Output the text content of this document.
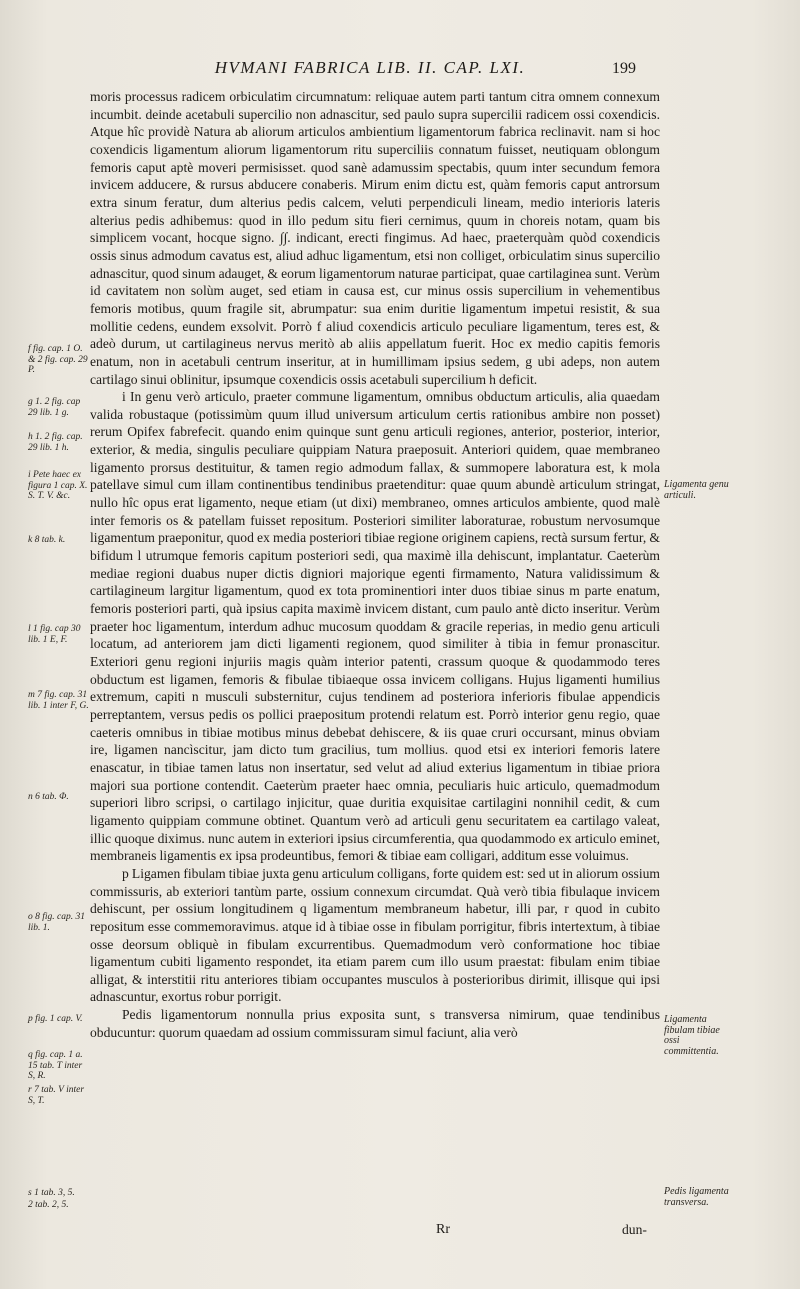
HVMANI FABRICA LIB. II. CAP. LXI.	199

moris processus radicem orbiculatim circumnatum: reliquae autem parti tantum citra omnem connexum incumbit. deinde acetabuli supercilio non adnascitur, sed paulo supra supercilii radicem ossi coxendicis. Atque hîc providè Natura ab aliorum articulos ambientium ligamentorum fabrica reclinavit. nam si hoc coxendicis ligamentum aliorum ligamentorum ritu superciliis connatum fuisset, neutiquam oblongum femoris caput aptè moveri permisisset. quod sanè adamussim spectabis, quum inter secundum femora invicem adducere, & rursus abducere conaberis. Mirum enim dictu est, quàm femoris caput antrorsum extra sinum feratur, dum alterius pedis calcem, veluti perpendiculi lineam, medio interioris lateris alterius pedis adhibemus: quod in illo pedum situ fieri cernimus, quum in choreis notam, quam bis simplicem vocant, hocque signo. ∫∫. indicant, erecti fingimus. Ad haec, praeterquàm quòd coxendicis ossis sinus admodum cavatus est, aliud adhuc ligamentum, etsi non colliget, orbiculatim sinus supercilio adnascitur, quod sinum adauget, & eorum ligamentorum naturae participat, quae cartilaginea sunt. Verùm id cavitatem non solùm auget, sed etiam in causa est, cur minus ossis supercilium in vehementibus femoris motibus, quum fragile sit, abrumpatur: sua enim duritie ligamentum impetui resistit, & sua mollitie cedens, eundem exsolvit. Porrò f aliud coxendicis articulo peculiare ligamentum, teres est, & adeò durum, ut cartilagineus nervus meritò ab aliis appellatum fuerit. Hoc ex medio capitis femoris enatum, non in acetabuli centrum inseritur, at in humillimam ipsius sedem, g ubi adeps, non autem cartilago sinui oblinitur, ipsumque coxendicis ossis acetabuli supercilium h deficit.

i In genu verò articulo, praeter commune ligamentum, omnibus obductum articulis, alia quaedam valida robustaque (potissimùm quum illud universum articulum certis rationibus ambire non posset) rerum Opifex fabrefecit. quando enim quinque sunt genu articuli regiones, anterior, posterior, interior, exterior, & media, singulis peculiare quippiam Natura praeposuit. Anteriori quidem, quae membraneo ligamento prorsus destituitur, & tamen regio admodum fallax, & summopere laboratura est, k mola patellave simul cum illam continentibus tendinibus praetenditur: quae quum abundè articulum stringat, nullo hîc opus erat ligamento, neque etiam (ut dixi) membraneo, omnes articulos ambiente, quod malè inter femoris os & patellam fuisset repositum. Posteriori similiter laboraturae, robustum nervosumque ligamentum praeponitur, quod ex media posteriori tibiae regione originem capiens, rectà sursum fertur, & bifidum l utrumque femoris capitum posteriori sedi, qua maximè illa dehiscunt, implantatur. Caeterùm mediae regioni duabus nuper dictis digniori majorique egenti firmamento, Natura validissimum & cartilagineum largitur ligamentum, quod ex tota prominentiori inter duos tibiae sinus m parte enatum, femoris posteriori parti, quà ipsius capita maximè invicem distant, cum paulo antè dicto inseritur. Verùm praeter hoc ligamentum, interdum adhuc mucosum quoddam & gracile reperias, in medio genu articuli locatum, ad anteriorem jam dicti ligamenti regionem, quod similiter à tibia in femur pronascitur. Exteriori genu regioni injuriis magis quàm interior patenti, crassum quoque & quodammodo teres obductum est ligamen, femoris & fibulae tibiaeque ossa invicem colligans. Hujus ligamenti humilius extremum, capiti n musculi substernitur, cujus tendinem ad posteriora inferioris fibulae appendicis perreptantem, versus pedis os pollici praepositum protendi relatum est. Porrò interior genu regio, quae caeteris omnibus in tibiae motibus minus debebat dehiscere, & iis quae cruri occursant, minus obviam ire, ligamen nancìscitur, jam dicto tum gracilius, tum mollius. quod etsi ex interiori femoris latere enascatur, in tibiae tamen latus non insertatur, sed velut ad aliud exterius ligamentum in tibiae priora majori sua portione contendit. Caeterùm praeter haec omnia, peculiaris huic articulo, quemadmodum superiori libro scripsi, o cartilago injicitur, quae duritia exquisitae cartilagini nonnihil cedit, & cum ligamento quippiam commune obtinet. Quantum verò ad articuli genu securitatem ea cartilago valeat, illic quoque diximus. nunc autem in exteriori ipsius circumferentia, qua quodammodo ex articulo eminet, membraneis ligamentis ex ipsa prodeuntibus, femori & tibiae eam colligari, additum esse voluimus.

p Ligamen fibulam tibiae juxta genu articulum colligans, forte quidem est: sed ut in aliorum ossium commissuris, ab exteriori tantùm parte, ossium connexum circumdat. Quà verò tibia fibulaque invicem dehiscunt, per ossium longitudinem q ligamentum membraneum habetur, illi par, r quod in cubito repositum esse commemoravimus. atque id à tibiae osse in fibulam porrigitur, fibris intertextum, à tibiae osse deorsum obliquè in fibulam excurrentibus. Quemadmodum verò conformatione hoc tibiae ligamentum cubiti ligamento respondet, ita etiam parem cum illo usum praestat: fibulam enim tibiae alligat, & interstitii ritu anteriores tibiam occupantes musculos à posterioribus dirimit, illisque qui ipsi adnascuntur, exortus robur porrigit.

Pedis ligamentorum nonnulla prius exposita sunt, s transversa nimirum, quae tendinibus obducuntur: quorum quaedam ad ossium commissuram simul faciunt, alia verò

f fig. cap. 1 O. & 2 fig. cap. 29 P.
g 1. 2 fig. cap 29 lib. 1 g.
h 1. 2 fig. cap. 29 lib. 1 h.
i Pete haec ex figura 1 cap. X. S. T. V. &c.
k 8 tab. k.
l 1 fig. cap 30 lib. 1 E, F.
m 7 fig. cap. 31 lib. 1 inter F, G.
n 6 tab. Φ.
o 8 fig. cap. 31 lib. 1.
p fig. 1 cap. V.
q fig. cap. 1 a. 15 tab. T inter S, R.
r 7 tab. V inter S, T.
s 1 tab. 3, 5.
2 tab. 2, 5.
Ligamenta genu articuli.
Ligamenta fibulam tibiae ossi committentia.
Pedis ligamenta transversa.
Rr	dun-
